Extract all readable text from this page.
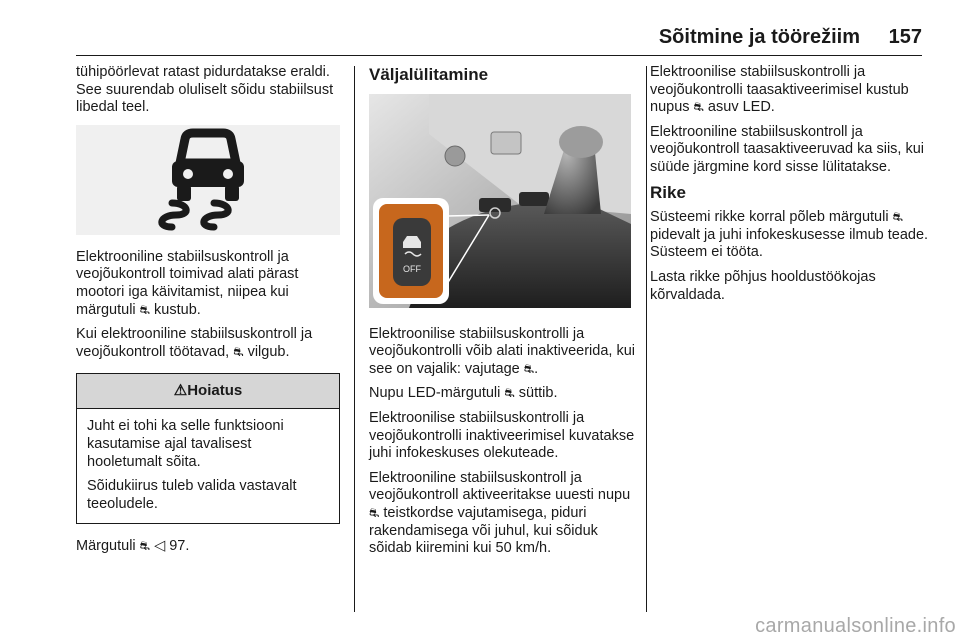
Sõitmine ja töörežiim 157

tühipöörlevat ratast pidurdatakse eraldi. See suurendab oluliselt sõidu stabiilsust libedal teel.

Elektrooniline stabiilsuskontroll ja veojõukontroll toimivad alati pärast mootori iga käivitamist, niipea kui märgutuli ⛐ kustub.

Kui elektrooniline stabiilsuskontroll ja veojõukontroll töötavad, ⛐ vilgub.

⚠Hoiatus

Juht ei tohi ka selle funktsiooni kasutamise ajal tavalisest hooletumalt sõita.

Sõidukiirus tuleb valida vastavalt teeoludele.

Märgutuli ⛐ ◁ 97.

Väljalülitamine
OFF

Elektroonilise stabiilsuskontrolli ja veojõukontrolli võib alati inaktiveerida, kui see on vajalik: vajutage ⛐.

Nupu LED-märgutuli ⛐ süttib.

Elektroonilise stabiilsuskontrolli ja veojõukontrolli inaktiveerimisel kuvatakse juhi infokeskuses olekuteade.

Elektrooniline stabiilsuskontroll ja veojõukontroll aktiveeritakse uuesti nupu ⛐ teistkordse vajutamisega, piduri rakendamisega või juhul, kui sõiduk sõidab kiiremini kui 50 km/h.

Elektroonilise stabiilsuskontrolli ja veojõukontrolli taasaktiveerimisel kustub nupus ⛐ asuv LED.

Elektrooniline stabiilsuskontroll ja veojõukontroll taasaktiveeruvad ka siis, kui süüde järgmine kord sisse lülitatakse.

Rike

Süsteemi rikke korral põleb märgutuli ⛐ pidevalt ja juhi infokeskusesse ilmub teade. Süsteem ei tööta.

Lasta rikke põhjus hooldustöökojas kõrvaldada.

carmanualsonline.info
